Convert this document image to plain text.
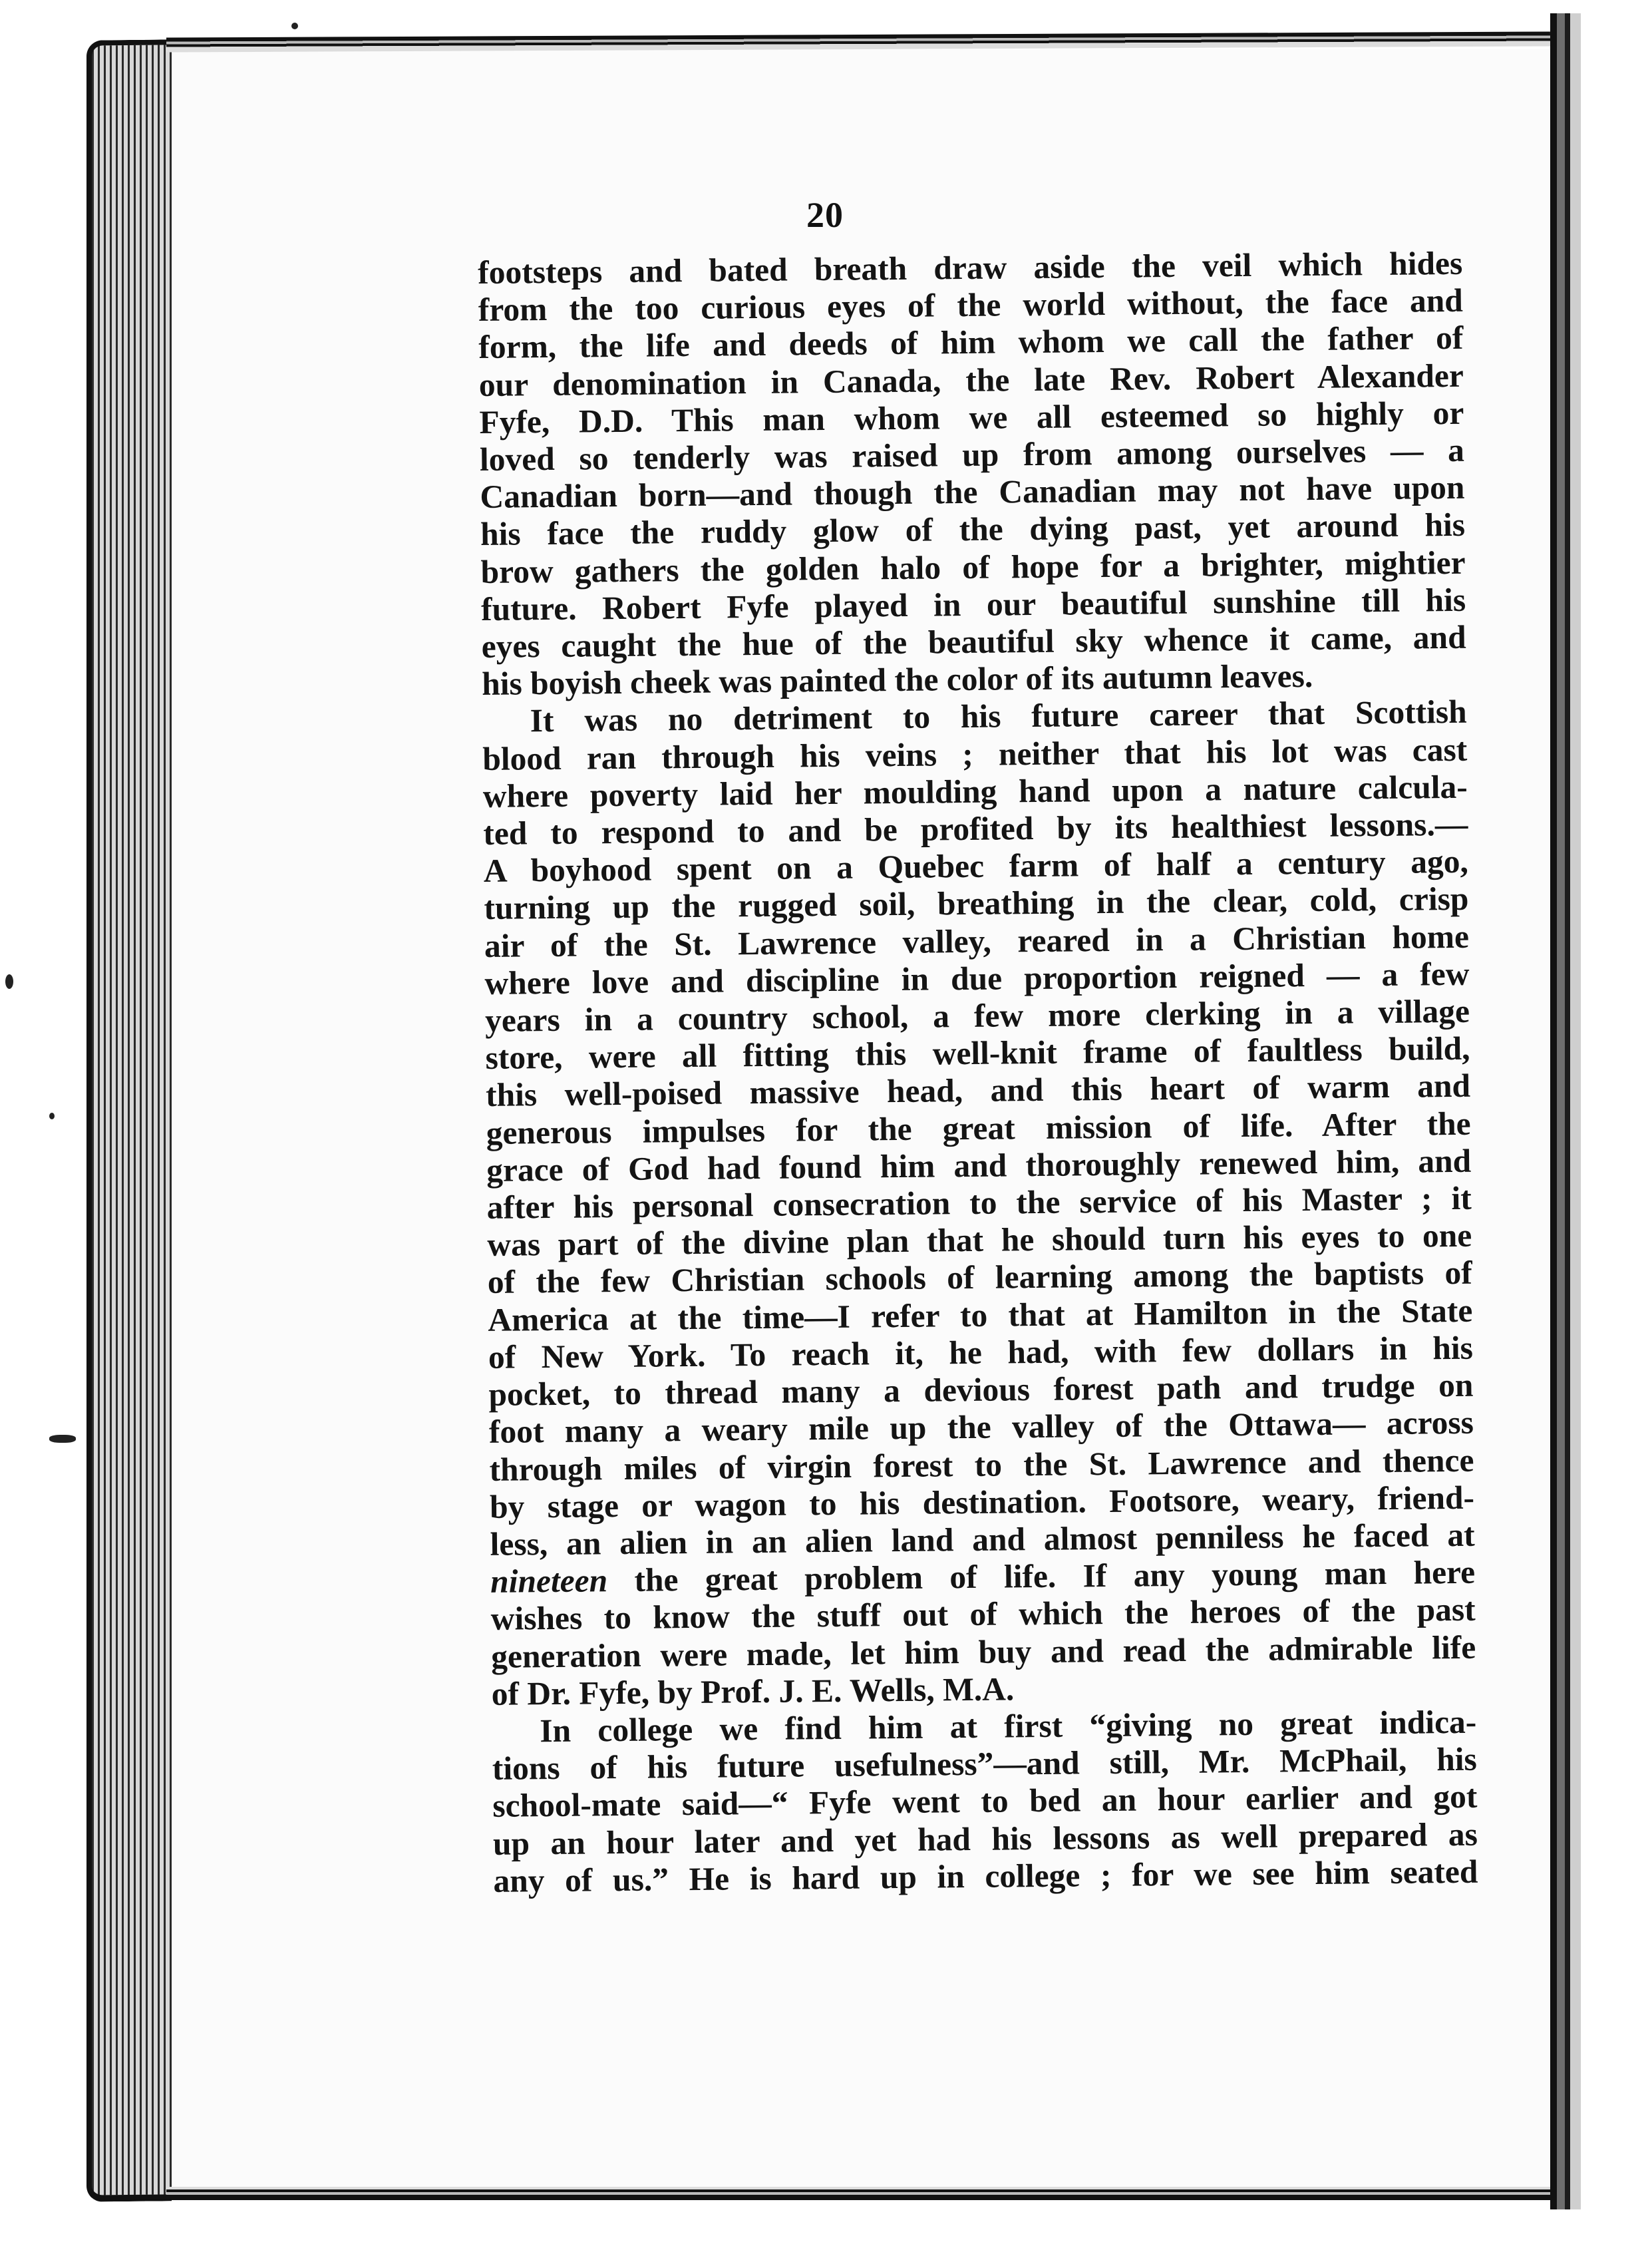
20
footsteps and bated breath draw aside the veil which hides
from the too curious eyes of the world without, the face and
form, the life and deeds of him whom we call the father of
our denomination in Canada, the late Rev. Robert Alexander
Fyfe, D.D. This man whom we all esteemed so highly or
loved so tenderly was raised up from among ourselves — a
Canadian born—and though the Canadian may not have upon
his face the ruddy glow of the dying past, yet around his
brow gathers the golden halo of hope for a brighter, mightier
future. Robert Fyfe played in our beautiful sunshine till his
eyes caught the hue of the beautiful sky whence it came, and
his boyish cheek was painted the color of its autumn leaves.
It was no detriment to his future career that Scottish
blood ran through his veins ; neither that his lot was cast
where poverty laid her moulding hand upon a nature calcula-
ted to respond to and be profited by its healthiest lessons.—
A boyhood spent on a Quebec farm of half a century ago,
turning up the rugged soil, breathing in the clear, cold, crisp
air of the St. Lawrence valley, reared in a Christian home
where love and discipline in due proportion reigned — a few
years in a country school, a few more clerking in a village
store, were all fitting this well-knit frame of faultless build,
this well-poised massive head, and this heart of warm and
generous impulses for the great mission of life. After the
grace of God had found him and thoroughly renewed him, and
after his personal consecration to the service of his Master ; it
was part of the divine plan that he should turn his eyes to one
of the few Christian schools of learning among the baptists of
America at the time—I refer to that at Hamilton in the State
of New York. To reach it, he had, with few dollars in his
pocket, to thread many a devious forest path and trudge on
foot many a weary mile up the valley of the Ottawa— across
through miles of virgin forest to the St. Lawrence and thence
by stage or wagon to his destination. Footsore, weary, friend-
less, an alien in an alien land and almost penniless he faced at
nineteen the great problem of life. If any young man here
wishes to know the stuff out of which the heroes of the past
generation were made, let him buy and read the admirable life
of Dr. Fyfe, by Prof. J. E. Wells, M.A.
In college we find him at first “giving no great indica-
tions of his future usefulness”—and still, Mr. McPhail, his
school-mate said—“ Fyfe went to bed an hour earlier and got
up an hour later and yet had his lessons as well prepared as
any of us.” He is hard up in college ; for we see him seated
